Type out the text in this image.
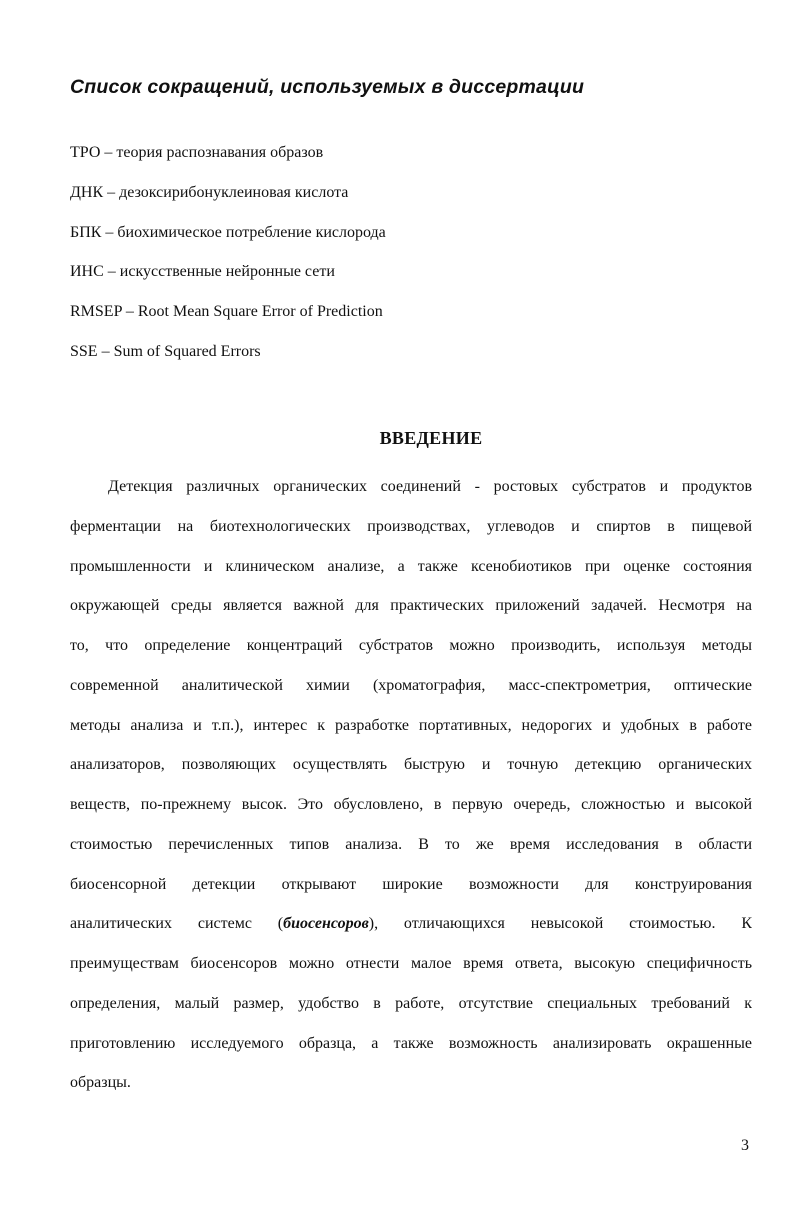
Список сокращений, используемых в диссертации
ТРО – теория распознавания образов
ДНК – дезоксирибонуклеиновая кислота
БПК – биохимическое потребление кислорода
ИНС – искусственные нейронные сети
RMSEP – Root Mean Square Error of Prediction
SSE – Sum of Squared Errors
ВВЕДЕНИЕ
Детекция различных органических соединений - ростовых субстратов и продуктов
ферментации на биотехнологических производствах, углеводов и спиртов в пищевой
промышленности и клиническом анализе, а также ксенобиотиков при оценке состояния
окружающей среды является важной для практических приложений задачей. Несмотря на
то, что определение концентраций субстратов можно производить, используя методы
современной аналитической химии (хроматография, масс-спектрометрия, оптические
методы анализа и т.п.), интерес к разработке портативных, недорогих и удобных в работе
анализаторов, позволяющих осуществлять быструю и точную детекцию органических
веществ, по-прежнему высок. Это обусловлено, в первую очередь, сложностью и высокой
стоимостью перечисленных типов анализа. В то же время исследования в области
биосенсорной детекции открывают широкие возможности для конструирования
аналитических системс (биосенсоров), отличающихся невысокой стоимостью. К
преимуществам биосенсоров можно отнести малое время ответа, высокую специфичность
определения, малый размер, удобство в работе, отсутствие специальных требований к
приготовлению исследуемого образца, а также возможность анализировать окрашенные
образцы.
3
